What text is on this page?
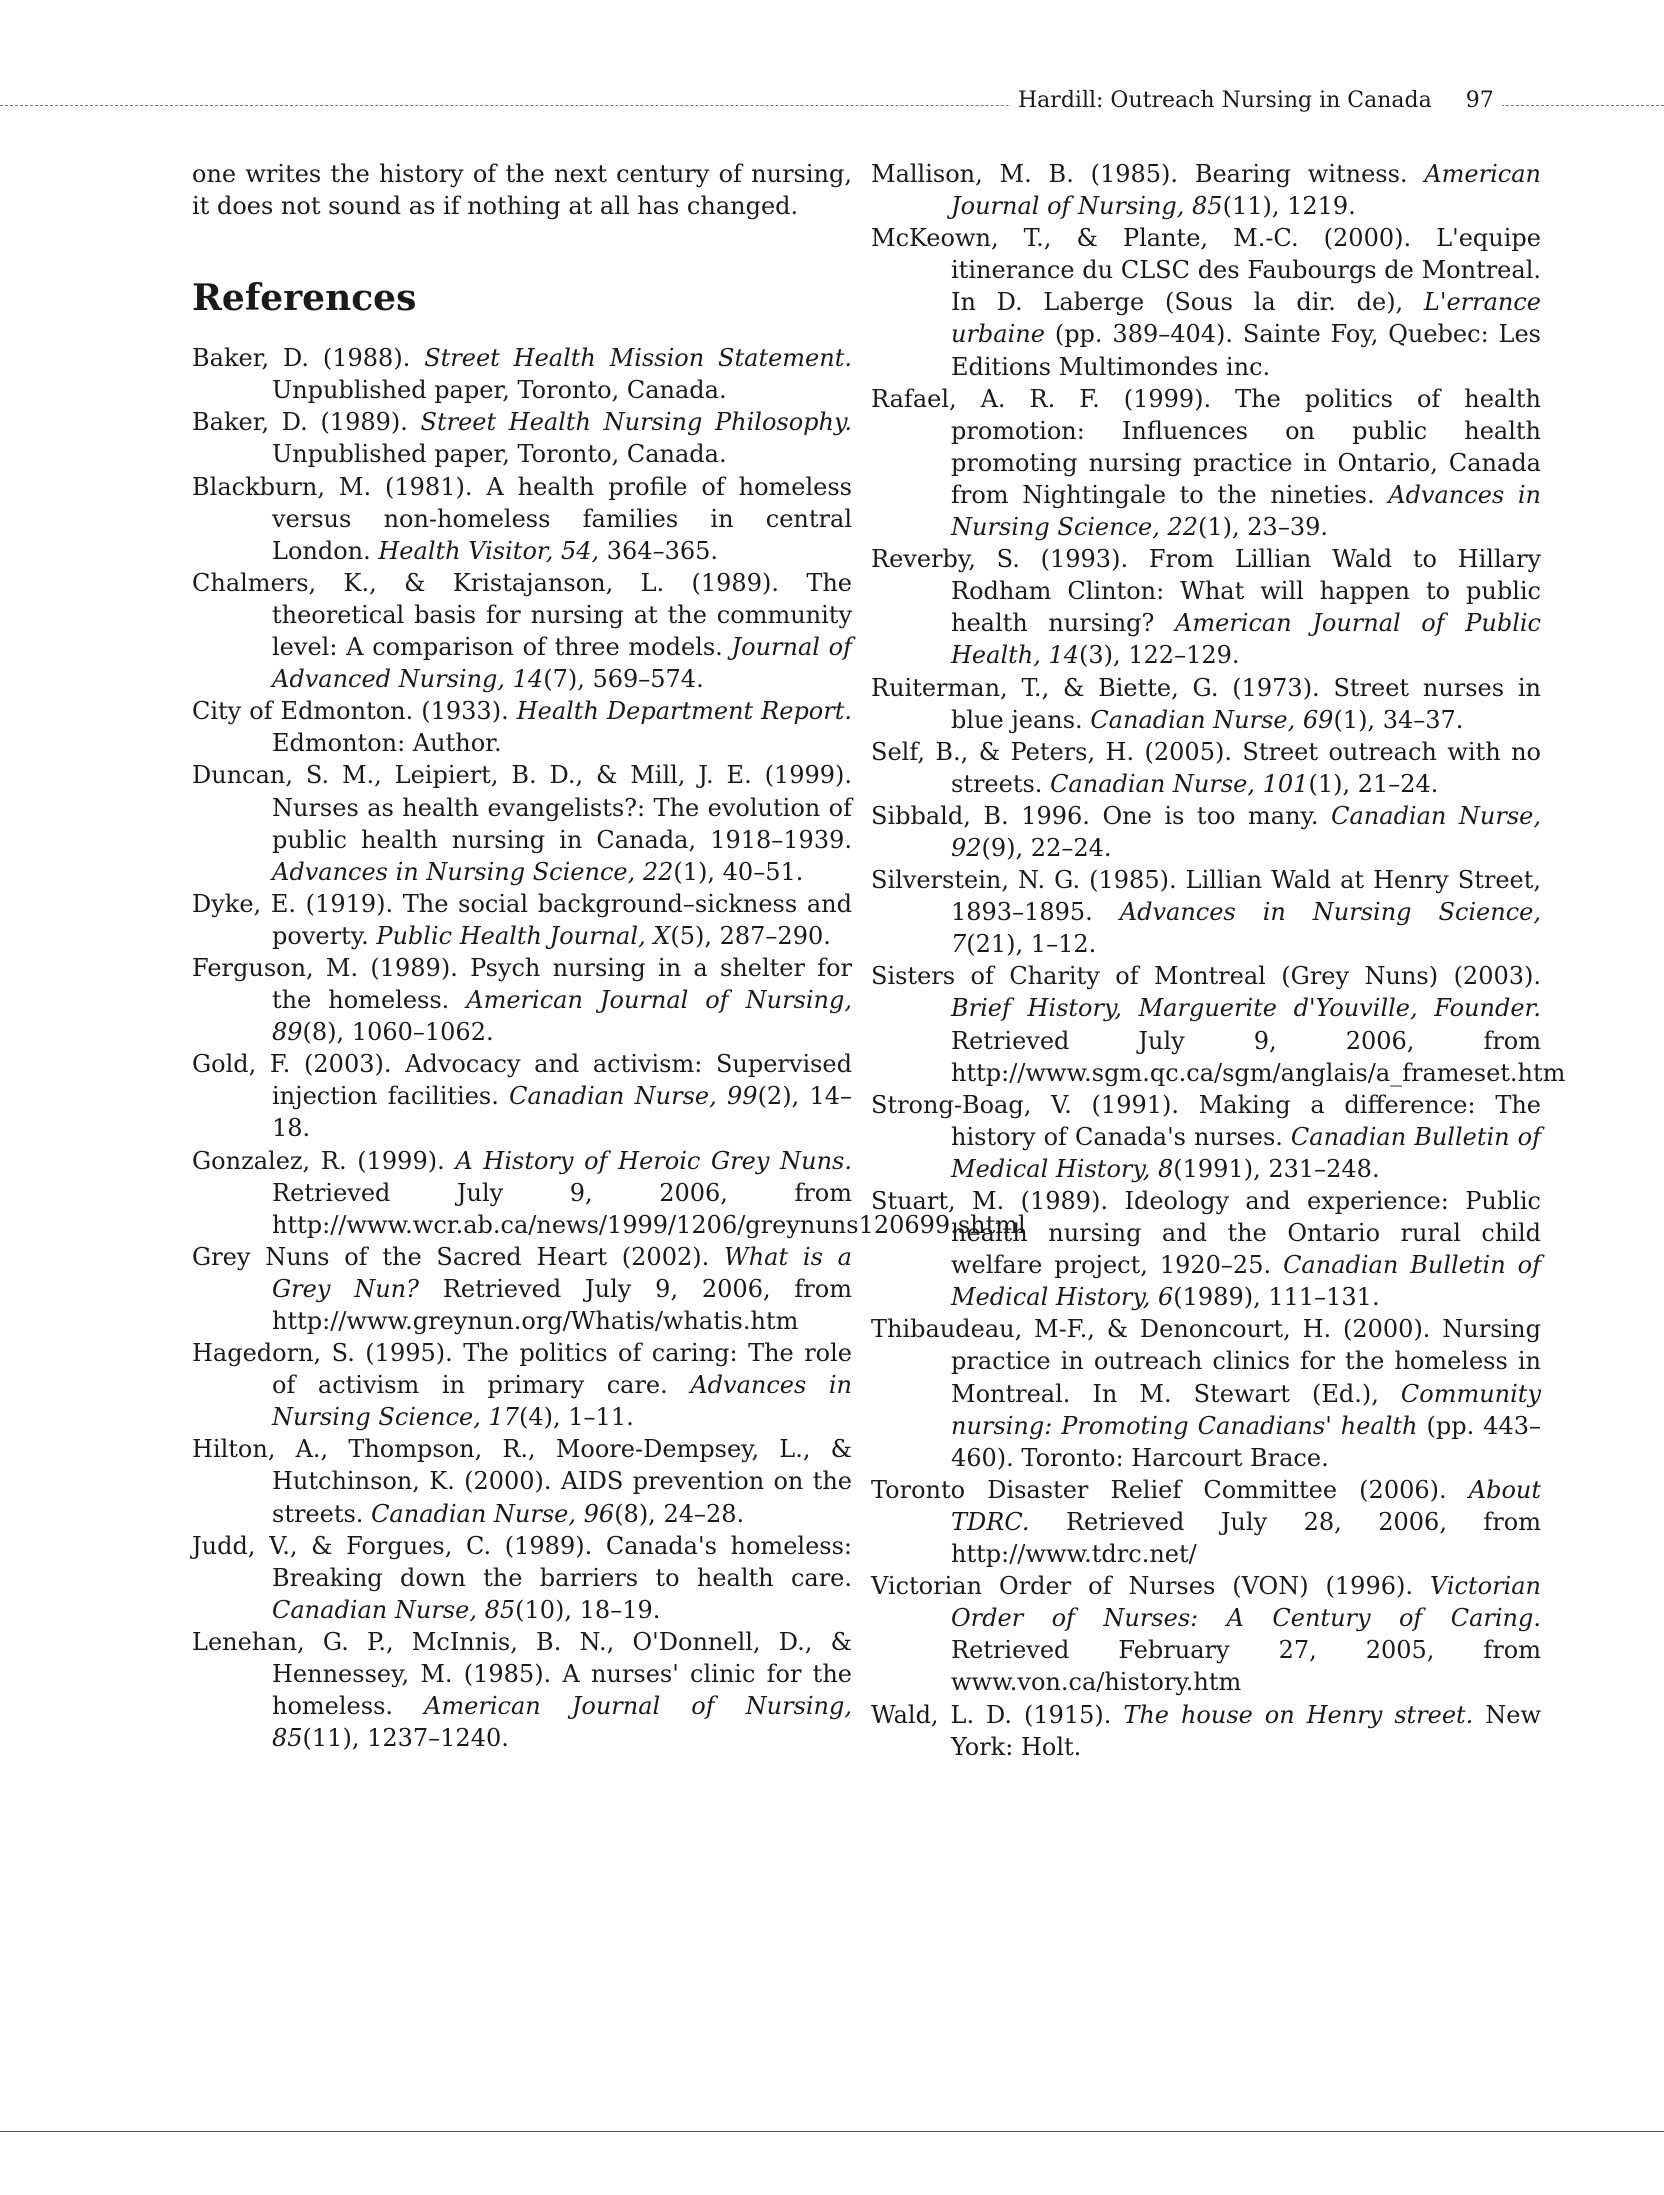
Hardill: Outreach Nursing in Canada 97

one writes the history of the next century of nursing, it does not sound as if nothing at all has changed.

References

Baker, D. (1988). Street Health Mission Statement. Unpublished paper, Toronto, Canada.

Baker, D. (1989). Street Health Nursing Philosophy. Unpublished paper, Toronto, Canada.

Blackburn, M. (1981). A health profile of homeless versus non-homeless families in central London. Health Visitor, 54, 364–365.

Chalmers, K., & Kristajanson, L. (1989). The theoretical basis for nursing at the community level: A comparison of three models. Journal of Advanced Nursing, 14(7), 569–574.

City of Edmonton. (1933). Health Department Report. Edmonton: Author.

Duncan, S. M., Leipiert, B. D., & Mill, J. E. (1999). Nurses as health evangelists?: The evolution of public health nursing in Canada, 1918–1939. Advances in Nursing Science, 22(1), 40–51.

Dyke, E. (1919). The social background–sickness and poverty. Public Health Journal, X(5), 287–290.

Ferguson, M. (1989). Psych nursing in a shelter for the homeless. American Journal of Nursing, 89(8), 1060–1062.

Gold, F. (2003). Advocacy and activism: Supervised injection facilities. Canadian Nurse, 99(2), 14–18.

Gonzalez, R. (1999). A History of Heroic Grey Nuns. Retrieved July 9, 2006, from http://www.wcr.ab.ca/news/1999/1206/greynuns120699.shtml

Grey Nuns of the Sacred Heart (2002). What is a Grey Nun? Retrieved July 9, 2006, from http://www.greynun.org/Whatis/whatis.htm

Hagedorn, S. (1995). The politics of caring: The role of activism in primary care. Advances in Nursing Science, 17(4), 1–11.

Hilton, A., Thompson, R., Moore-Dempsey, L., & Hutchinson, K. (2000). AIDS prevention on the streets. Canadian Nurse, 96(8), 24–28.

Judd, V., & Forgues, C. (1989). Canada's homeless: Breaking down the barriers to health care. Canadian Nurse, 85(10), 18–19.

Lenehan, G. P., McInnis, B. N., O'Donnell, D., & Hennessey, M. (1985). A nurses' clinic for the homeless. American Journal of Nursing, 85(11), 1237–1240.

Mallison, M. B. (1985). Bearing witness. American Journal of Nursing, 85(11), 1219.

McKeown, T., & Plante, M.-C. (2000). L'equipe itinerance du CLSC des Faubourgs de Montreal. In D. Laberge (Sous la dir. de), L'errance urbaine (pp. 389–404). Sainte Foy, Quebec: Les Editions Multimondes inc.

Rafael, A. R. F. (1999). The politics of health promotion: Influences on public health promoting nursing practice in Ontario, Canada from Nightingale to the nineties. Advances in Nursing Science, 22(1), 23–39.

Reverby, S. (1993). From Lillian Wald to Hillary Rodham Clinton: What will happen to public health nursing? American Journal of Public Health, 14(3), 122–129.

Ruiterman, T., & Biette, G. (1973). Street nurses in blue jeans. Canadian Nurse, 69(1), 34–37.

Self, B., & Peters, H. (2005). Street outreach with no streets. Canadian Nurse, 101(1), 21–24.

Sibbald, B. 1996. One is too many. Canadian Nurse, 92(9), 22–24.

Silverstein, N. G. (1985). Lillian Wald at Henry Street, 1893–1895. Advances in Nursing Science, 7(21), 1–12.

Sisters of Charity of Montreal (Grey Nuns) (2003). Brief History, Marguerite d'Youville, Founder. Retrieved July 9, 2006, from http://www.sgm.qc.ca/sgm/anglais/a_frameset.htm

Strong-Boag, V. (1991). Making a difference: The history of Canada's nurses. Canadian Bulletin of Medical History, 8(1991), 231–248.

Stuart, M. (1989). Ideology and experience: Public health nursing and the Ontario rural child welfare project, 1920–25. Canadian Bulletin of Medical History, 6(1989), 111–131.

Thibaudeau, M-F., & Denoncourt, H. (2000). Nursing practice in outreach clinics for the homeless in Montreal. In M. Stewart (Ed.), Community nursing: Promoting Canadians' health (pp. 443–460). Toronto: Harcourt Brace.

Toronto Disaster Relief Committee (2006). About TDRC. Retrieved July 28, 2006, from http://www.tdrc.net/

Victorian Order of Nurses (VON) (1996). Victorian Order of Nurses: A Century of Caring. Retrieved February 27, 2005, from www.von.ca/history.htm

Wald, L. D. (1915). The house on Henry street. New York: Holt.
